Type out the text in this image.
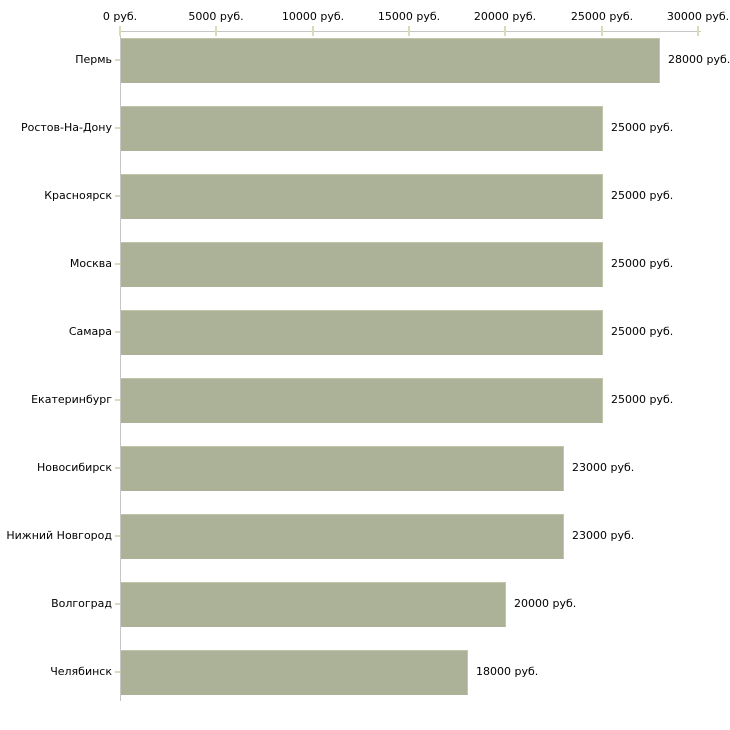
0 руб.	5000 руб.	10000 руб.	15000 руб.	20000 руб.	25000 руб.	30000 руб.
Пермь	28000 руб.
Ростов-На-Дону	25000 руб.
Красноярск	25000 руб.
Москва	25000 руб.
Самара	25000 руб.
Екатеринбург	25000 руб.
Новосибирск	23000 руб.
Нижний Новгород	23000 руб.
Волгоград	20000 руб.
Челябинск	18000 руб.
